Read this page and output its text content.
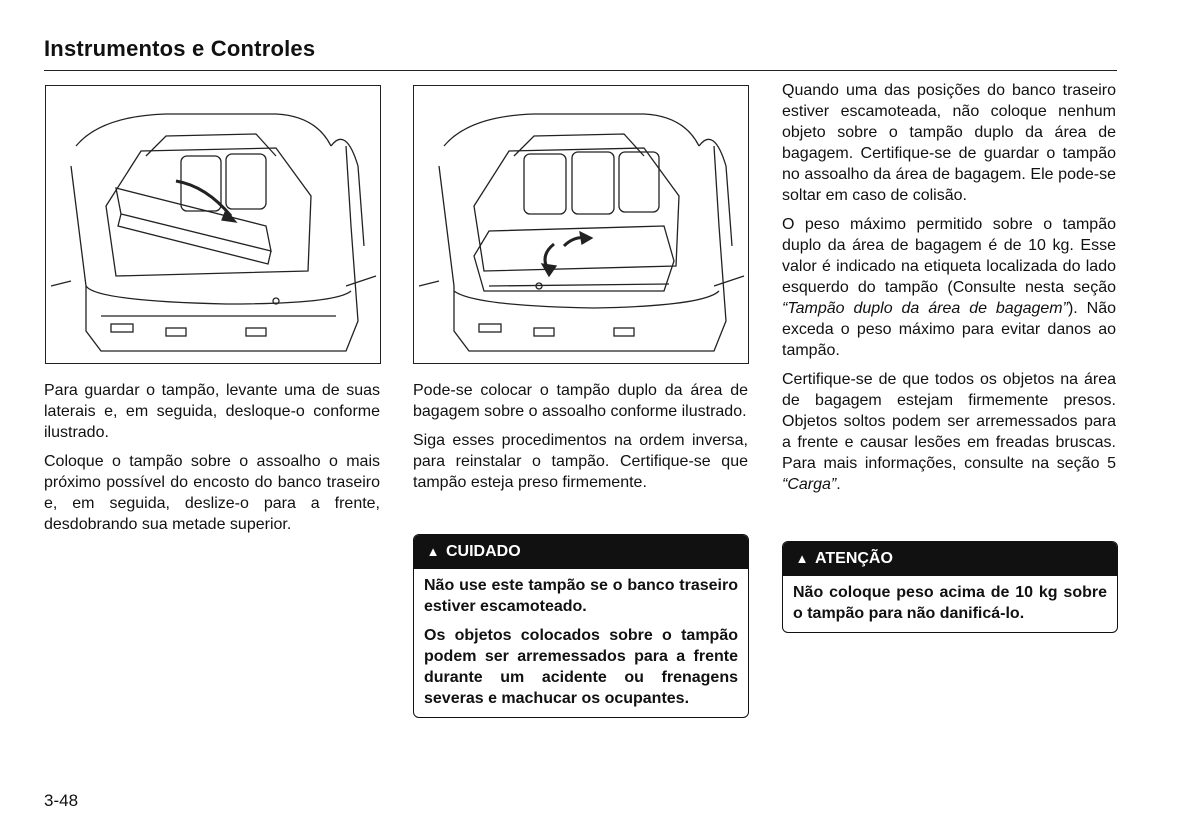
Instrumentos e Controles

Para guardar o tampão, levante uma de suas laterais e, em seguida, desloque-o conforme ilustrado.

Coloque o tampão sobre o assoalho o mais próximo possível do encosto do banco traseiro e, em seguida, deslize-o para a frente, desdobrando sua metade superior.

Pode-se colocar o tampão duplo da área de bagagem sobre o assoalho conforme ilustrado.

Siga esses procedimentos na ordem inversa, para reinstalar o tampão. Certifique-se que tampão esteja preso firmemente.

▲ CUIDADO

Não use este tampão se o banco traseiro estiver escamoteado.

Os objetos colocados sobre o tampão podem ser arremessados para a frente durante um acidente ou frenagens severas e machucar os ocupantes.

Quando uma das posições do banco traseiro estiver escamoteada, não coloque nenhum objeto sobre o tampão duplo da área de bagagem. Certifique-se de guardar o tampão no assoalho da área de bagagem. Ele pode-se soltar em caso de colisão.

O peso máximo permitido sobre o tampão duplo da área de bagagem é de 10 kg. Esse valor é indicado na etiqueta localizada do lado esquerdo do tampão (Consulte nesta seção “Tampão duplo da área de bagagem”). Não exceda o peso máximo para evitar danos ao tampão.

Certifique-se de que todos os objetos na área de bagagem estejam firmemente presos. Objetos soltos podem ser arremessados para a frente e causar lesões em freadas bruscas. Para mais informações, consulte na seção 5 “Carga”.

▲ ATENÇÃO

Não coloque peso acima de 10 kg sobre o tampão para não danificá-lo.

3-48
